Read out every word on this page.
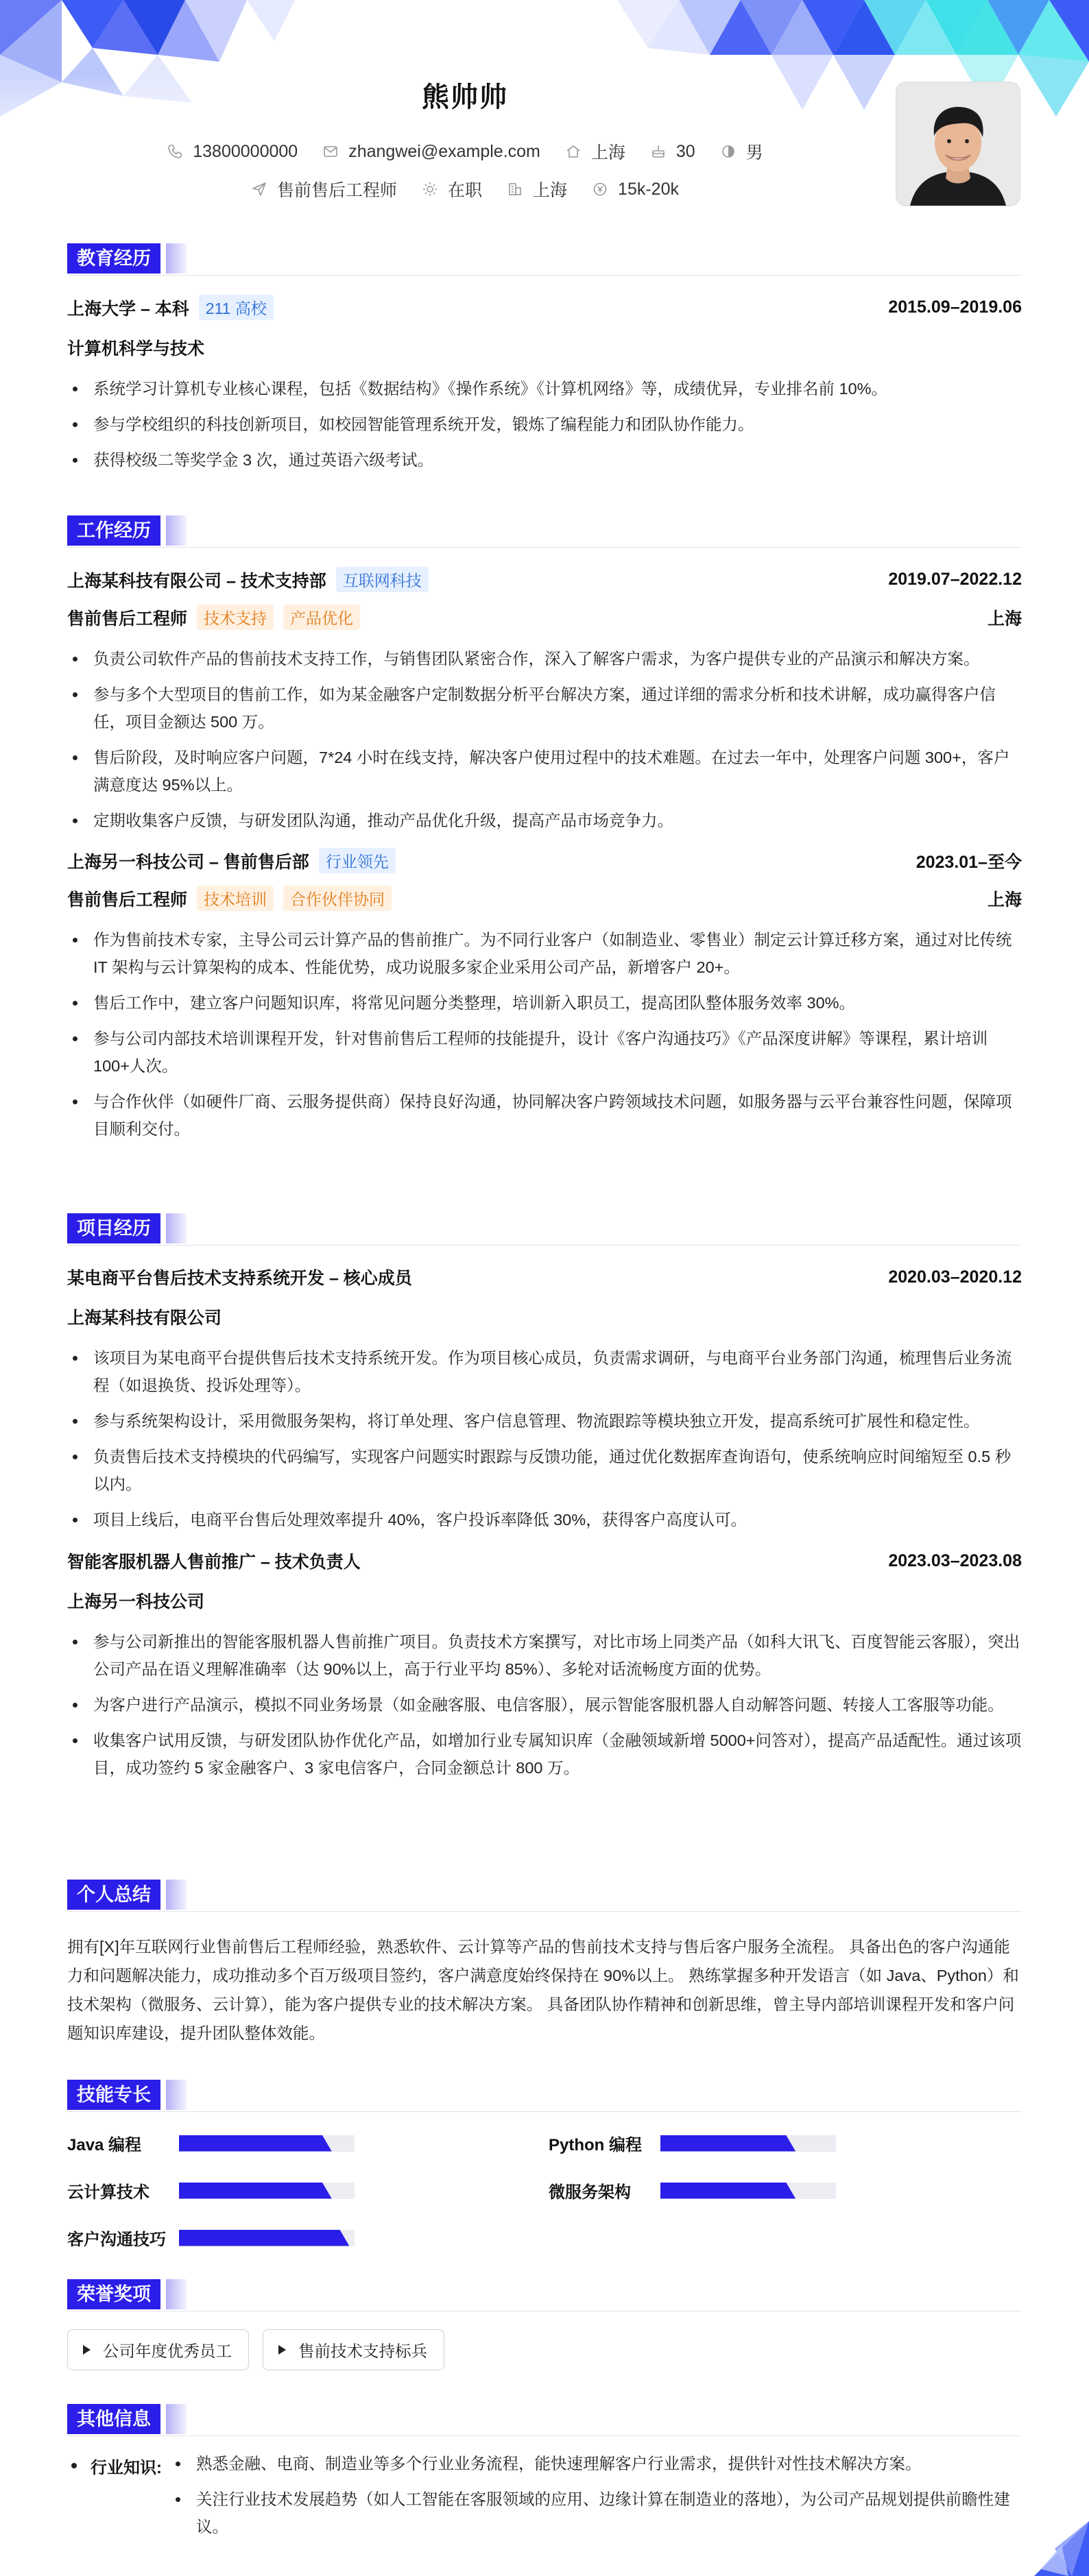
熊帅帅
13800000000	zhangwei@example.com	上海	30	男
售前售后工程师	在职	上海	15k-20k
教育经历
上海大学 – 本科	211 高校	2015.09–2019.06
计算机科学与技术
系统学习计算机专业核心课程，包括《数据结构》《操作系统》《计算机网络》等，成绩优异，专业排名前 10%。
参与学校组织的科技创新项目，如校园智能管理系统开发，锻炼了编程能力和团队协作能力。
获得校级二等奖学金 3 次，通过英语六级考试。
工作经历
上海某科技有限公司 – 技术支持部	互联网科技	2019.07–2022.12
售前售后工程师	技术支持	产品优化	上海
负责公司软件产品的售前技术支持工作，与销售团队紧密合作，深入了解客户需求，为客户提供专业的产品演示和解决方案。
参与多个大型项目的售前工作，如为某金融客户定制数据分析平台解决方案，通过详细的需求分析和技术讲解，成功赢得客户信任，项目金额达 500 万。
售后阶段，及时响应客户问题，7*24 小时在线支持，解决客户使用过程中的技术难题。在过去一年中，处理客户问题 300+，客户满意度达 95%以上。
定期收集客户反馈，与研发团队沟通，推动产品优化升级，提高产品市场竞争力。
上海另一科技公司 – 售前售后部	行业领先	2023.01–至今
售前售后工程师	技术培训	合作伙伴协同	上海
作为售前技术专家，主导公司云计算产品的售前推广。为不同行业客户（如制造业、零售业）制定云计算迁移方案，通过对比传统 IT 架构与云计算架构的成本、性能优势，成功说服多家企业采用公司产品，新增客户 20+。
售后工作中，建立客户问题知识库，将常见问题分类整理，培训新入职员工，提高团队整体服务效率 30%。
参与公司内部技术培训课程开发，针对售前售后工程师的技能提升，设计《客户沟通技巧》《产品深度讲解》等课程，累计培训 100+人次。
与合作伙伴（如硬件厂商、云服务提供商）保持良好沟通，协同解决客户跨领域技术问题，如服务器与云平台兼容性问题，保障项目顺利交付。
项目经历
某电商平台售后技术支持系统开发 – 核心成员	2020.03–2020.12
上海某科技有限公司
该项目为某电商平台提供售后技术支持系统开发。作为项目核心成员，负责需求调研，与电商平台业务部门沟通，梳理售后业务流程（如退换货、投诉处理等）。
参与系统架构设计，采用微服务架构，将订单处理、客户信息管理、物流跟踪等模块独立开发，提高系统可扩展性和稳定性。
负责售后技术支持模块的代码编写，实现客户问题实时跟踪与反馈功能，通过优化数据库查询语句，使系统响应时间缩短至 0.5 秒以内。
项目上线后，电商平台售后处理效率提升 40%，客户投诉率降低 30%，获得客户高度认可。
智能客服机器人售前推广 – 技术负责人	2023.03–2023.08
上海另一科技公司
参与公司新推出的智能客服机器人售前推广项目。负责技术方案撰写，对比市场上同类产品（如科大讯飞、百度智能云客服），突出公司产品在语义理解准确率（达 90%以上，高于行业平均 85%）、多轮对话流畅度方面的优势。
为客户进行产品演示，模拟不同业务场景（如金融客服、电信客服），展示智能客服机器人自动解答问题、转接人工客服等功能。
收集客户试用反馈，与研发团队协作优化产品，如增加行业专属知识库（金融领域新增 5000+问答对），提高产品适配性。通过该项目，成功签约 5 家金融客户、3 家电信客户，合同金额总计 800 万。
个人总结
拥有[X]年互联网行业售前售后工程师经验，熟悉软件、云计算等产品的售前技术支持与售后客户服务全流程。 具备出色的客户沟通能力和问题解决能力，成功推动多个百万级项目签约，客户满意度始终保持在 90%以上。 熟练掌握多种开发语言（如 Java、Python）和技术架构（微服务、云计算），能为客户提供专业的技术解决方案。 具备团队协作精神和创新思维，曾主导内部培训课程开发和客户问题知识库建设，提升团队整体效能。
技能专长
Java 编程	Python 编程
云计算技术	微服务架构
客户沟通技巧
荣誉奖项
公司年度优秀员工	售前技术支持标兵
其他信息
行业知识:	熟悉金融、电商、制造业等多个行业业务流程，能快速理解客户行业需求，提供针对性技术解决方案。
关注行业技术发展趋势（如人工智能在客服领域的应用、边缘计算在制造业的落地），为公司产品规划提供前瞻性建议。
